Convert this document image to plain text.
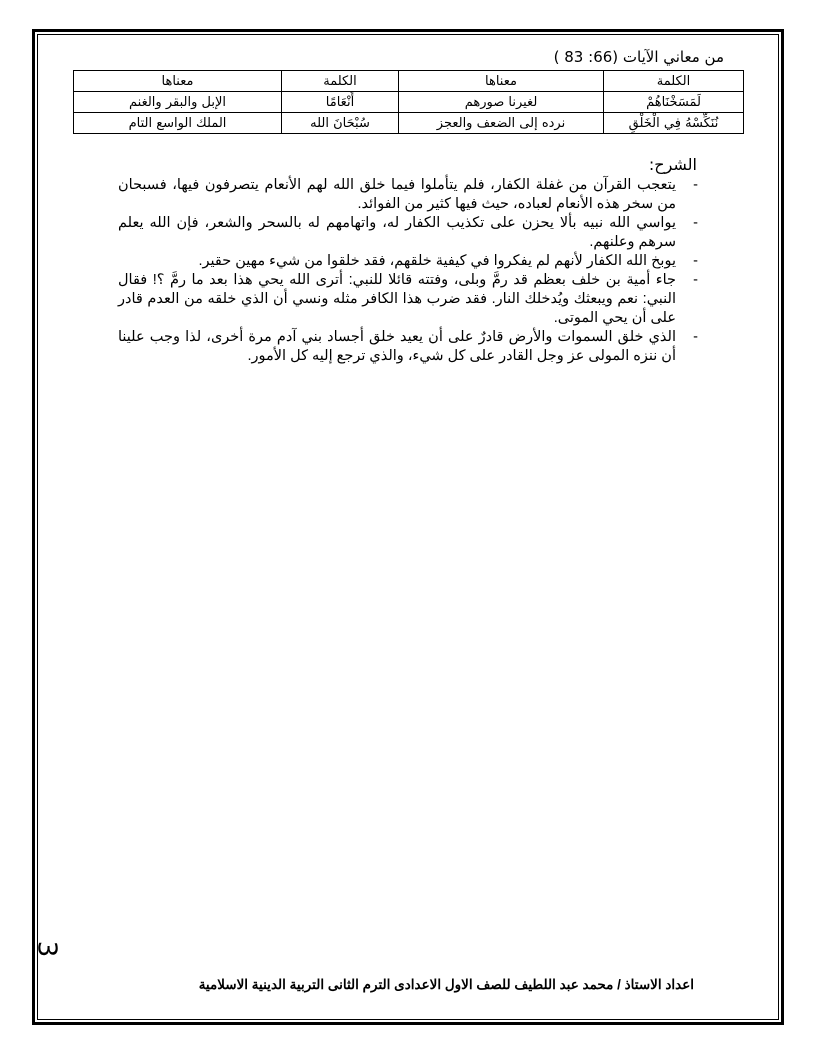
من معاني الآيات (66: 83 )
الكلمة	معناها	الكلمة	معناها
لَمَسَخْنَاهُمْ	لغيرنا صورهم	أَنْعَامًا	الإبل والبقر والغنم
نُنَكِّسْهُ فِي الْخَلْقِ	نرده إلى الضعف والعجز	سُبْحَانَ الله	الملك الواسع التام
الشرح:
-
يتعجب القرآن من غفلة الكفار، فلم يتأملوا فيما خلق الله لهم الأنعام يتصرفون فيها، فسبحان من سخر هذه الأنعام لعباده، حيث فيها كثير من الفوائد.
-
يواسي الله نبيه بألا يحزن على تكذيب الكفار له، واتهامهم له بالسحر والشعر، فإن الله يعلم سرهم وعلنهم.
-
يوبخ الله الكفار لأنهم لم يفكروا في كيفية خلقهم، فقد خلقوا من شيء مهين حقير.
-
جاء أمية بن خلف بعظم قد رمَّ وبلى، وفتته قائلا للنبي: أترى الله يحي هذا بعد ما رمَّ ؟! فقال النبي: نعم ويبعثك ويُدخلك النار. فقد ضرب هذا الكافر مثله ونسي أن الذي خلقه من العدم قادر على أن يحي الموتى.
-
الذي خلق السموات والأرض قادرٌ على أن يعيد خلق أجساد بني آدم مرة أخرى، لذا وجب علينا أن ننزه المولى عز وجل القادر على كل شيء، والذي ترجع إليه كل الأمور.
3
اعداد الاستاذ / محمد عبد اللطيف للصف الاول الاعدادى الترم الثانى التربية الدينية الاسلامية
